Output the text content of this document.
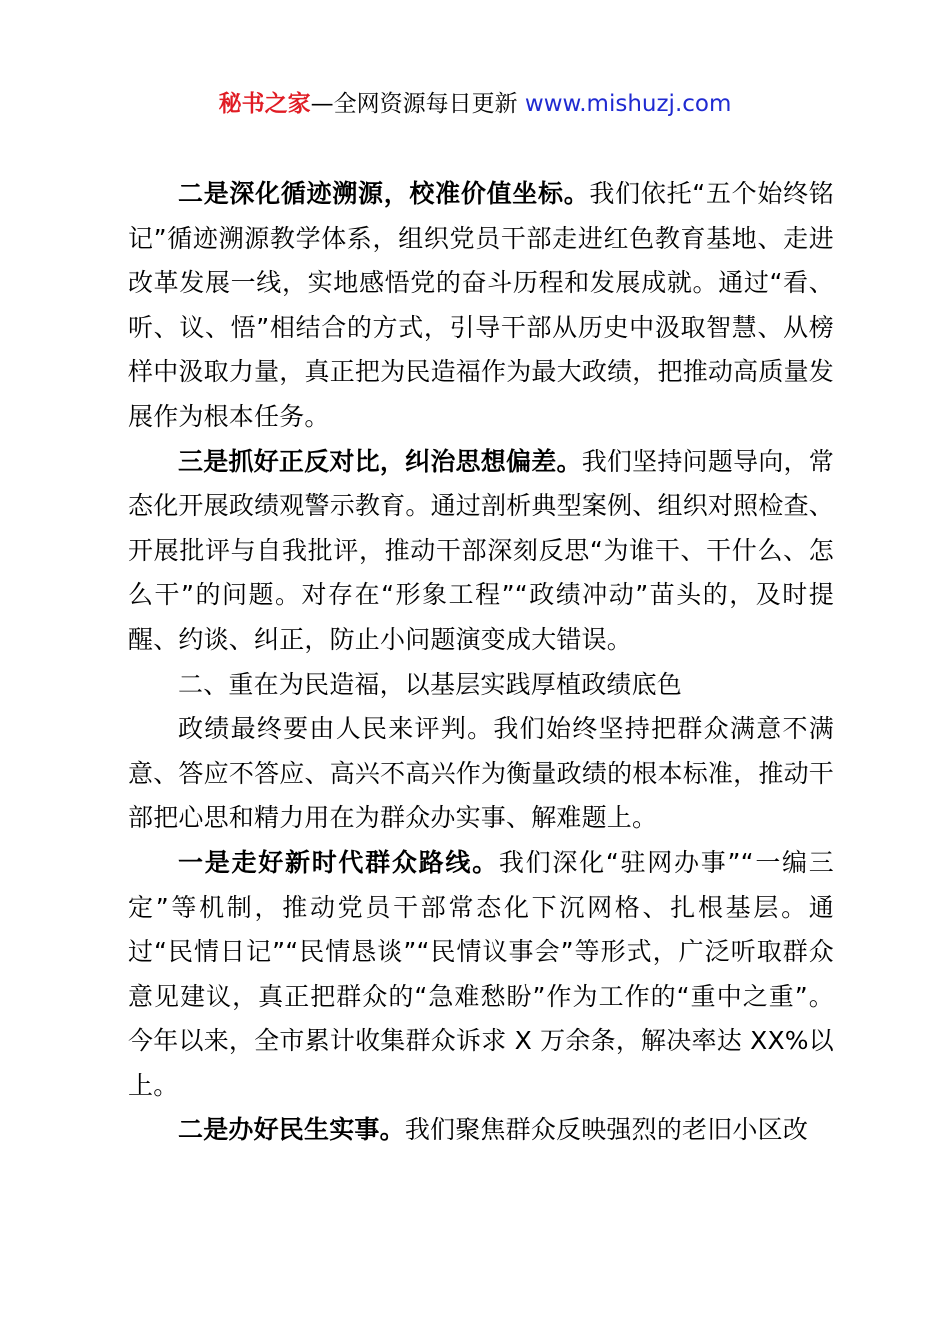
秘书之家—全网资源每日更新 www.mishuzj.com

二是深化循迹溯源，校准价值坐标。我们依托“五个始终铭记”循迹溯源教学体系，组织党员干部走进红色教育基地、走进改革发展一线，实地感悟党的奋斗历程和发展成就。通过“看、听、议、悟”相结合的方式，引导干部从历史中汲取智慧、从榜样中汲取力量，真正把为民造福作为最大政绩，把推动高质量发展作为根本任务。

三是抓好正反对比，纠治思想偏差。我们坚持问题导向，常态化开展政绩观警示教育。通过剖析典型案例、组织对照检查、开展批评与自我批评，推动干部深刻反思“为谁干、干什么、怎么干”的问题。对存在“形象工程”“政绩冲动”苗头的，及时提醒、约谈、纠正，防止小问题演变成大错误。

二、重在为民造福，以基层实践厚植政绩底色

政绩最终要由人民来评判。我们始终坚持把群众满意不满意、答应不答应、高兴不高兴作为衡量政绩的根本标准，推动干部把心思和精力用在为群众办实事、解难题上。

一是走好新时代群众路线。我们深化“驻网办事”“一编三定”等机制，推动党员干部常态化下沉网格、扎根基层。通过“民情日记”“民情恳谈”“民情议事会”等形式，广泛听取群众意见建议，真正把群众的“急难愁盼”作为工作的“重中之重”。今年以来，全市累计收集群众诉求 X 万余条，解决率达 XX%以上。

二是办好民生实事。我们聚焦群众反映强烈的老旧小区改
